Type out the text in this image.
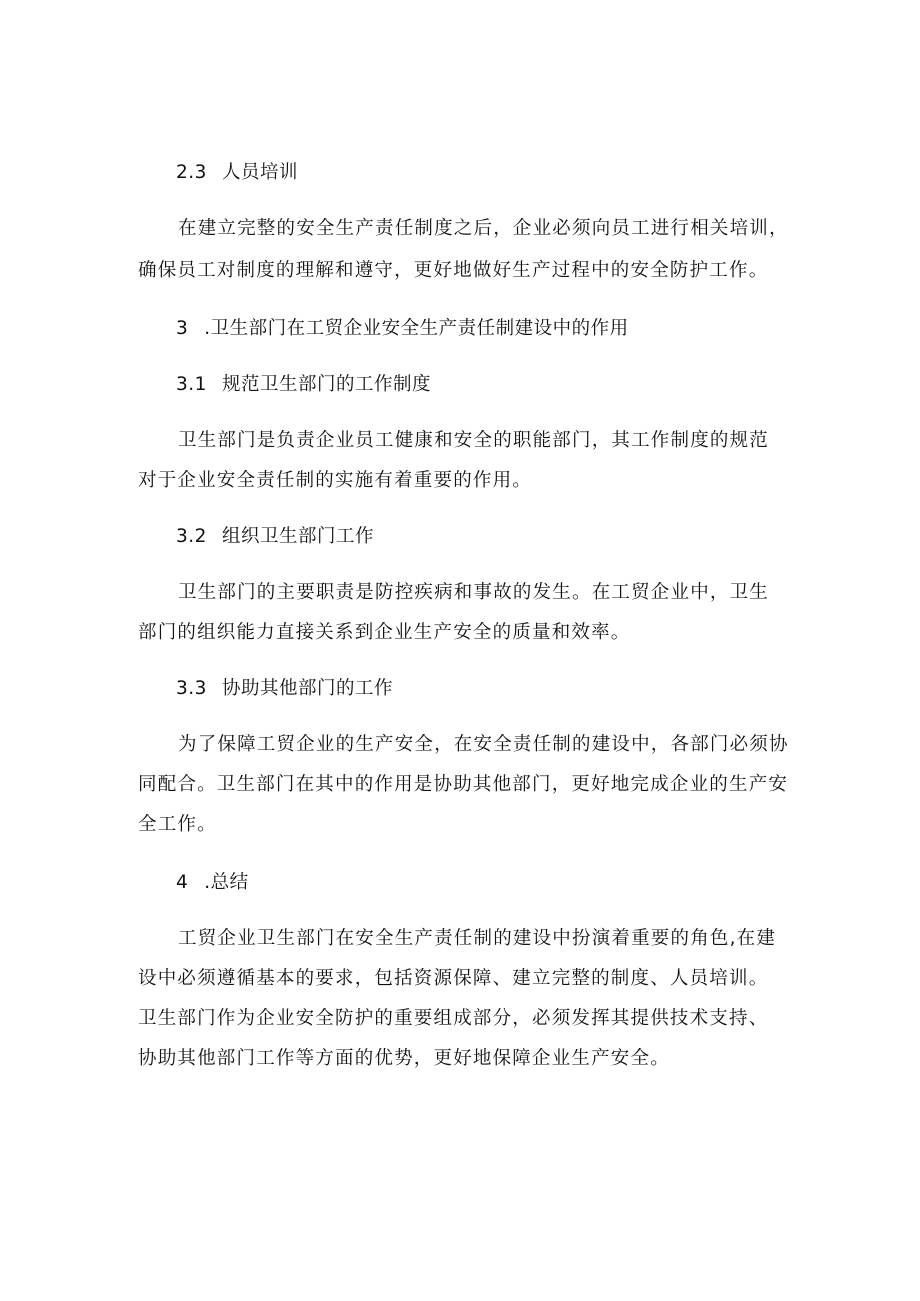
2.3 人员培训
在建立完整的安全生产责任制度之后，企业必须向员工进行相关培训，
确保员工对制度的理解和遵守，更好地做好生产过程中的安全防护工作。
3 .卫生部门在工贸企业安全生产责任制建设中的作用
3.1 规范卫生部门的工作制度
卫生部门是负责企业员工健康和安全的职能部门，其工作制度的规范
对于企业安全责任制的实施有着重要的作用。
3.2 组织卫生部门工作
卫生部门的主要职责是防控疾病和事故的发生。在工贸企业中，卫生
部门的组织能力直接关系到企业生产安全的质量和效率。
3.3 协助其他部门的工作
为了保障工贸企业的生产安全，在安全责任制的建设中，各部门必须协
同配合。卫生部门在其中的作用是协助其他部门，更好地完成企业的生产安
全工作。
4 .总结
工贸企业卫生部门在安全生产责任制的建设中扮演着重要的角色,在建
设中必须遵循基本的要求，包括资源保障、建立完整的制度、人员培训。
卫生部门作为企业安全防护的重要组成部分，必须发挥其提供技术支持、
协助其他部门工作等方面的优势，更好地保障企业生产安全。
